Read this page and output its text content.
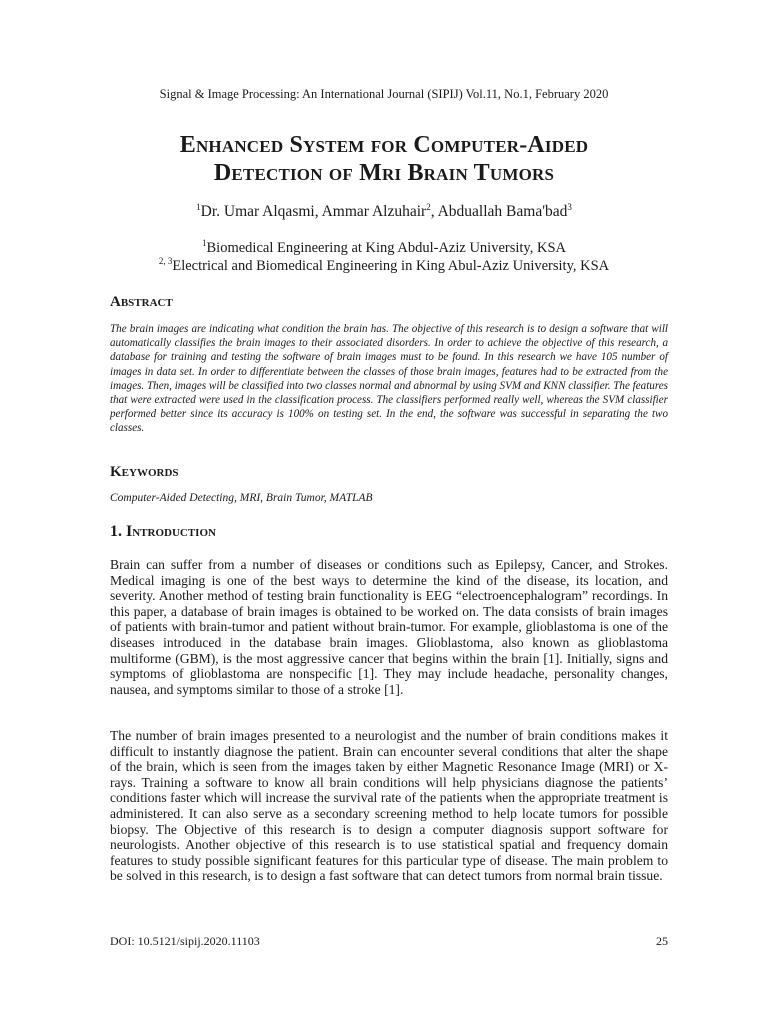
Signal & Image Processing: An International Journal (SIPIJ) Vol.11, No.1, February 2020
Enhanced System for Computer-Aided
Detection of Mri Brain Tumors
$^1$Dr. Umar Alqasmi, Ammar Alzuhair$^2$, Abduallah Bama'bad$^3$
$^1$Biomedical Engineering at King Abdul-Aziz University, KSA
$^{2, 3}$Electrical and Biomedical Engineering in King Abul-Aziz University, KSA
Abstract
The brain images are indicating what condition the brain has. The objective of this research is to design a software that will automatically classifies the brain images to their associated disorders. In order to achieve the objective of this research, a database for training and testing the software of brain images must to be found. In this research we have 105 number of images in data set. In order to differentiate between the classes of those brain images, features had to be extracted from the images. Then, images will be classified into two classes normal and abnormal by using SVM and KNN classifier. The features that were extracted were used in the classification process. The classifiers performed really well, whereas the SVM classifier performed better since its accuracy is 100% on testing set. In the end, the software was successful in separating the two classes.
Keywords
Computer-Aided Detecting, MRI, Brain Tumor, MATLAB
1. Introduction
Brain can suffer from a number of diseases or conditions such as Epilepsy, Cancer, and Strokes. Medical imaging is one of the best ways to determine the kind of the disease, its location, and severity. Another method of testing brain functionality is EEG “electroencephalogram” recordings. In this paper, a database of brain images is obtained to be worked on. The data consists of brain images of patients with brain-tumor and patient without brain-tumor. For example, glioblastoma is one of the diseases introduced in the database brain images. Glioblastoma, also known as glioblastoma multiforme (GBM), is the most aggressive cancer that begins within the brain [1]. Initially, signs and symptoms of glioblastoma are nonspecific [1]. They may include headache, personality changes, nausea, and symptoms similar to those of a stroke [1].
The number of brain images presented to a neurologist and the number of brain conditions makes it difficult to instantly diagnose the patient. Brain can encounter several conditions that alter the shape of the brain, which is seen from the images taken by either Magnetic Resonance Image (MRI) or X-rays. Training a software to know all brain conditions will help physicians diagnose the patients’ conditions faster which will increase the survival rate of the patients when the appropriate treatment is administered. It can also serve as a secondary screening method to help locate tumors for possible biopsy. The Objective of this research is to design a computer diagnosis support software for neurologists. Another objective of this research is to use statistical spatial and frequency domain features to study possible significant features for this particular type of disease. The main problem to be solved in this research, is to design a fast software that can detect tumors from normal brain tissue.
DOI: 10.5121/sipij.2020.11103	25
